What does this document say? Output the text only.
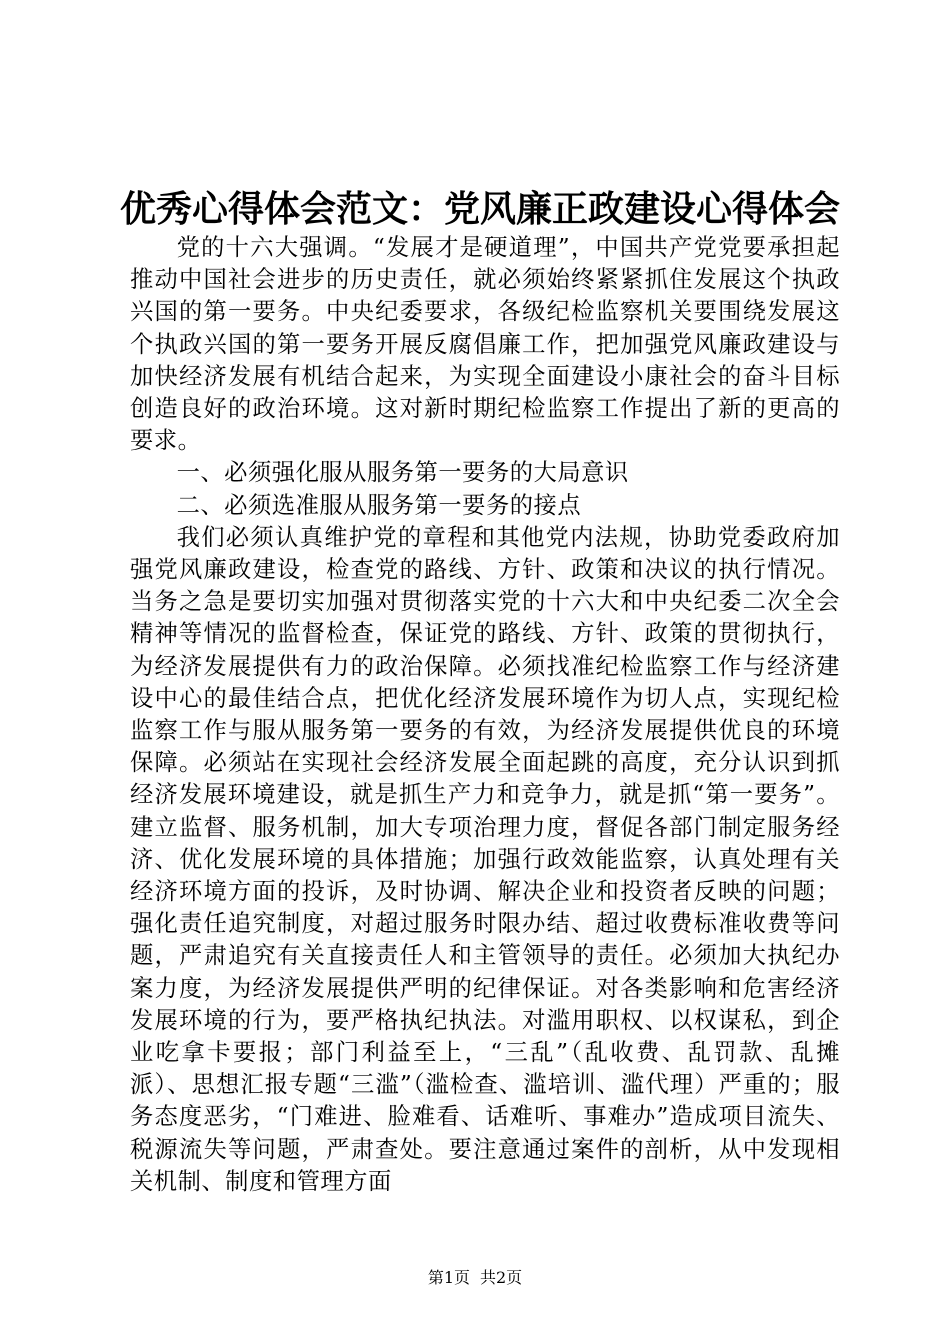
优秀心得体会范文：党风廉正政建设心得体会

党的十六大强调。“发展才是硬道理”，中国共产党党要承担起推动中国社会进步的历史责任，就必须始终紧紧抓住发展这个执政兴国的第一要务。中央纪委要求，各级纪检监察机关要围绕发展这个执政兴国的第一要务开展反腐倡廉工作，把加强党风廉政建设与加快经济发展有机结合起来，为实现全面建设小康社会的奋斗目标创造良好的政治环境。这对新时期纪检监察工作提出了新的更高的要求。

一、必须强化服从服务第一要务的大局意识

二、必须选准服从服务第一要务的接点

我们必须认真维护党的章程和其他党内法规，协助党委政府加强党风廉政建设，检查党的路线、方针、政策和决议的执行情况。当务之急是要切实加强对贯彻落实党的十六大和中央纪委二次全会精神等情况的监督检查，保证党的路线、方针、政策的贯彻执行，为经济发展提供有力的政治保障。必须找准纪检监察工作与经济建设中心的最佳结合点，把优化经济发展环境作为切人点，实现纪检监察工作与服从服务第一要务的有效，为经济发展提供优良的环境保障。必须站在实现社会经济发展全面起跳的高度，充分认识到抓经济发展环境建设，就是抓生产力和竞争力，就是抓“第一要务”。建立监督、服务机制，加大专项治理力度，督促各部门制定服务经济、优化发展环境的具体措施；加强行政效能监察，认真处理有关经济环境方面的投诉，及时协调、解决企业和投资者反映的问题；强化责任追究制度，对超过服务时限办结、超过收费标准收费等问题，严肃追究有关直接责任人和主管领导的责任。必须加大执纪办案力度，为经济发展提供严明的纪律保证。对各类影响和危害经济发展环境的行为，要严格执纪执法。对滥用职权、以权谋私，到企业吃拿卡要报；部门利益至上，“三乱”（乱收费、乱罚款、乱摊派）、思想汇报专题“三滥”（滥检查、滥培训、滥代理）严重的；服务态度恶劣，“门难进、脸难看、话难听、事难办”造成项目流失、税源流失等问题，严肃查处。要注意通过案件的剖析，从中发现相关机制、制度和管理方面

第1页 共2页
